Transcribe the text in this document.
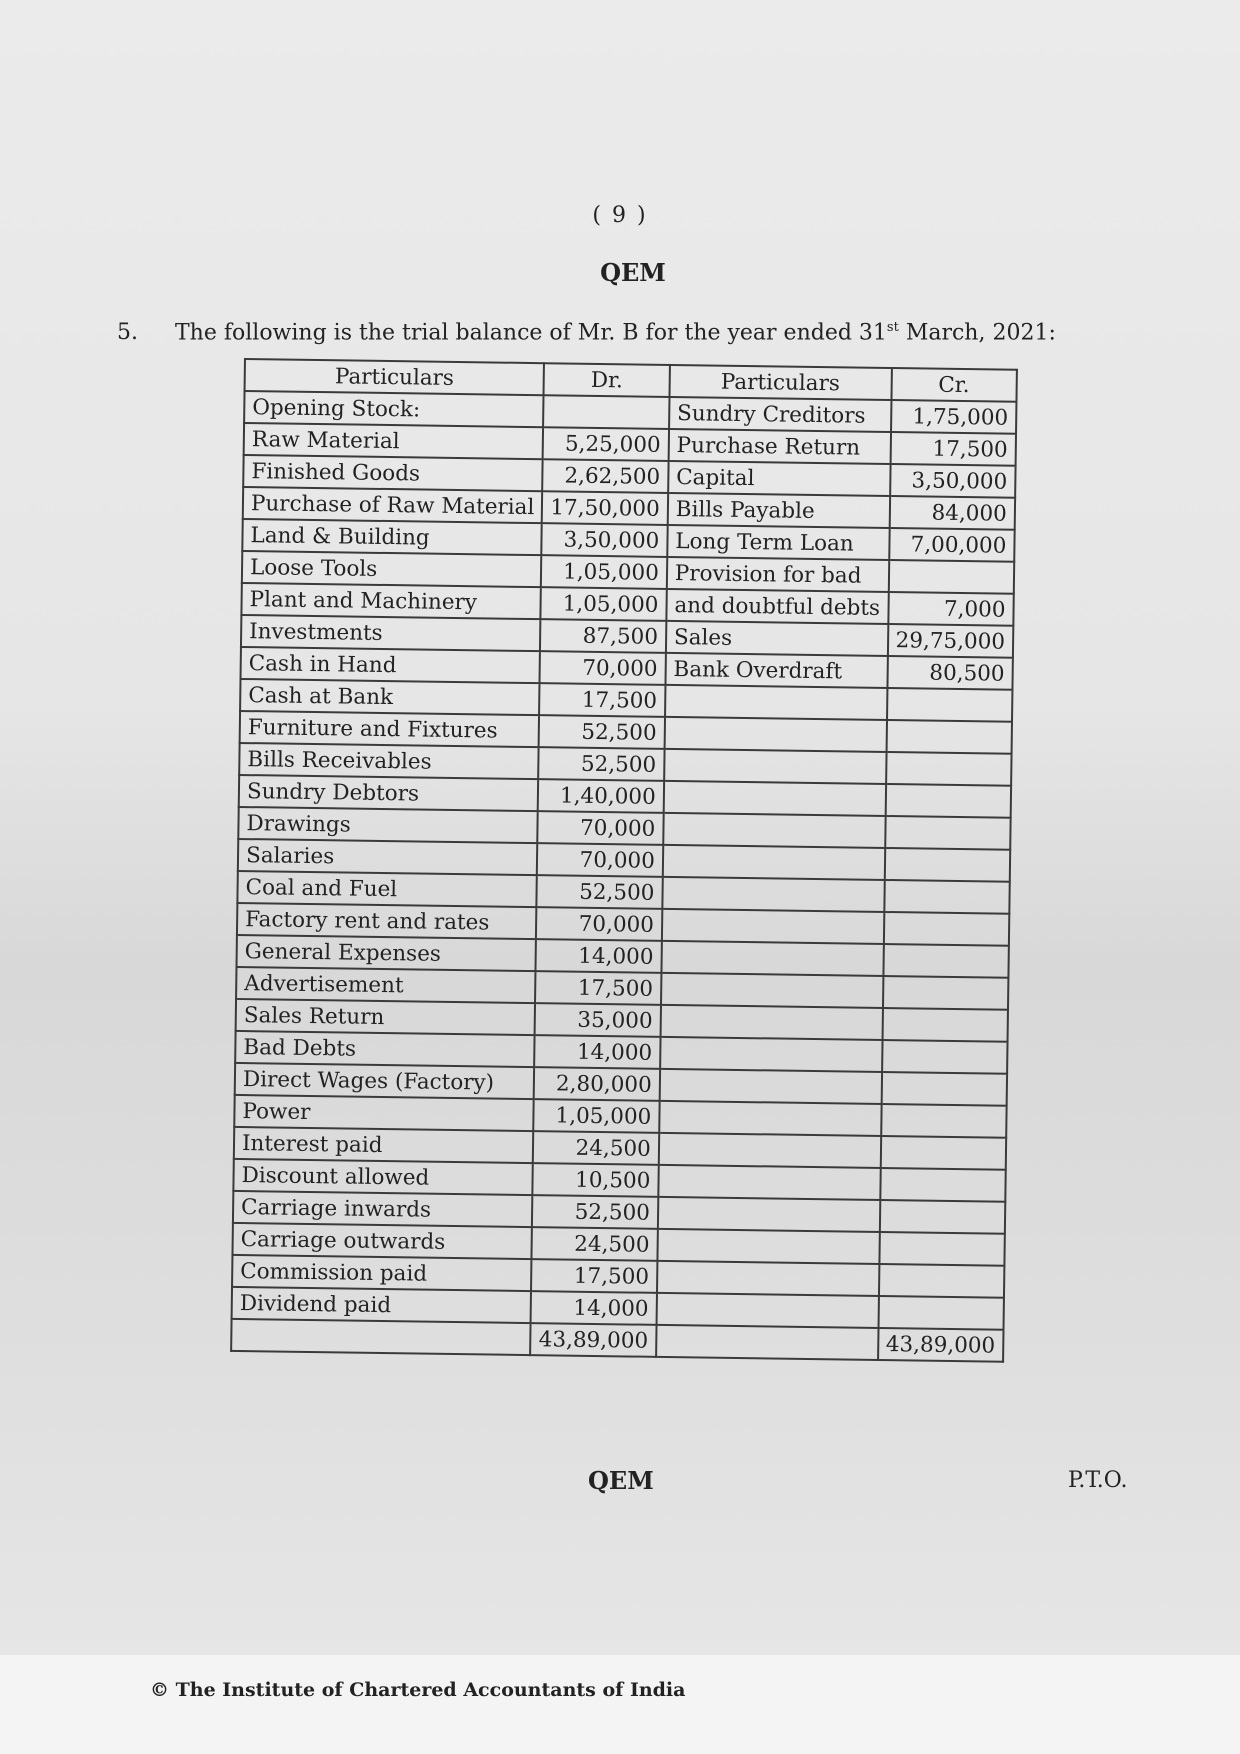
( 9 )
QEM
5. The following is the trial balance of Mr. B for the year ended 31st March, 2021:
Particulars	Dr.	Particulars	Cr.
Opening Stock:		Sundry Creditors	1,75,000
Raw Material	5,25,000	Purchase Return	17,500
Finished Goods	2,62,500	Capital	3,50,000
Purchase of Raw Material	17,50,000	Bills Payable	84,000
Land & Building	3,50,000	Long Term Loan	7,00,000
Loose Tools	1,05,000	Provision for bad	
Plant and Machinery	1,05,000	and doubtful debts	7,000
Investments	87,500	Sales	29,75,000
Cash in Hand	70,000	Bank Overdraft	80,500
Cash at Bank	17,500		
Furniture and Fixtures	52,500		
Bills Receivables	52,500		
Sundry Debtors	1,40,000		
Drawings	70,000		
Salaries	70,000		
Coal and Fuel	52,500		
Factory rent and rates	70,000		
General Expenses	14,000		
Advertisement	17,500		
Sales Return	35,000		
Bad Debts	14,000		
Direct Wages (Factory)	2,80,000		
Power	1,05,000		
Interest paid	24,500		
Discount allowed	10,500		
Carriage inwards	52,500		
Carriage outwards	24,500		
Commission paid	17,500		
Dividend paid	14,000		
	43,89,000		43,89,000
QEM	P.T.O.
© The Institute of Chartered Accountants of India
